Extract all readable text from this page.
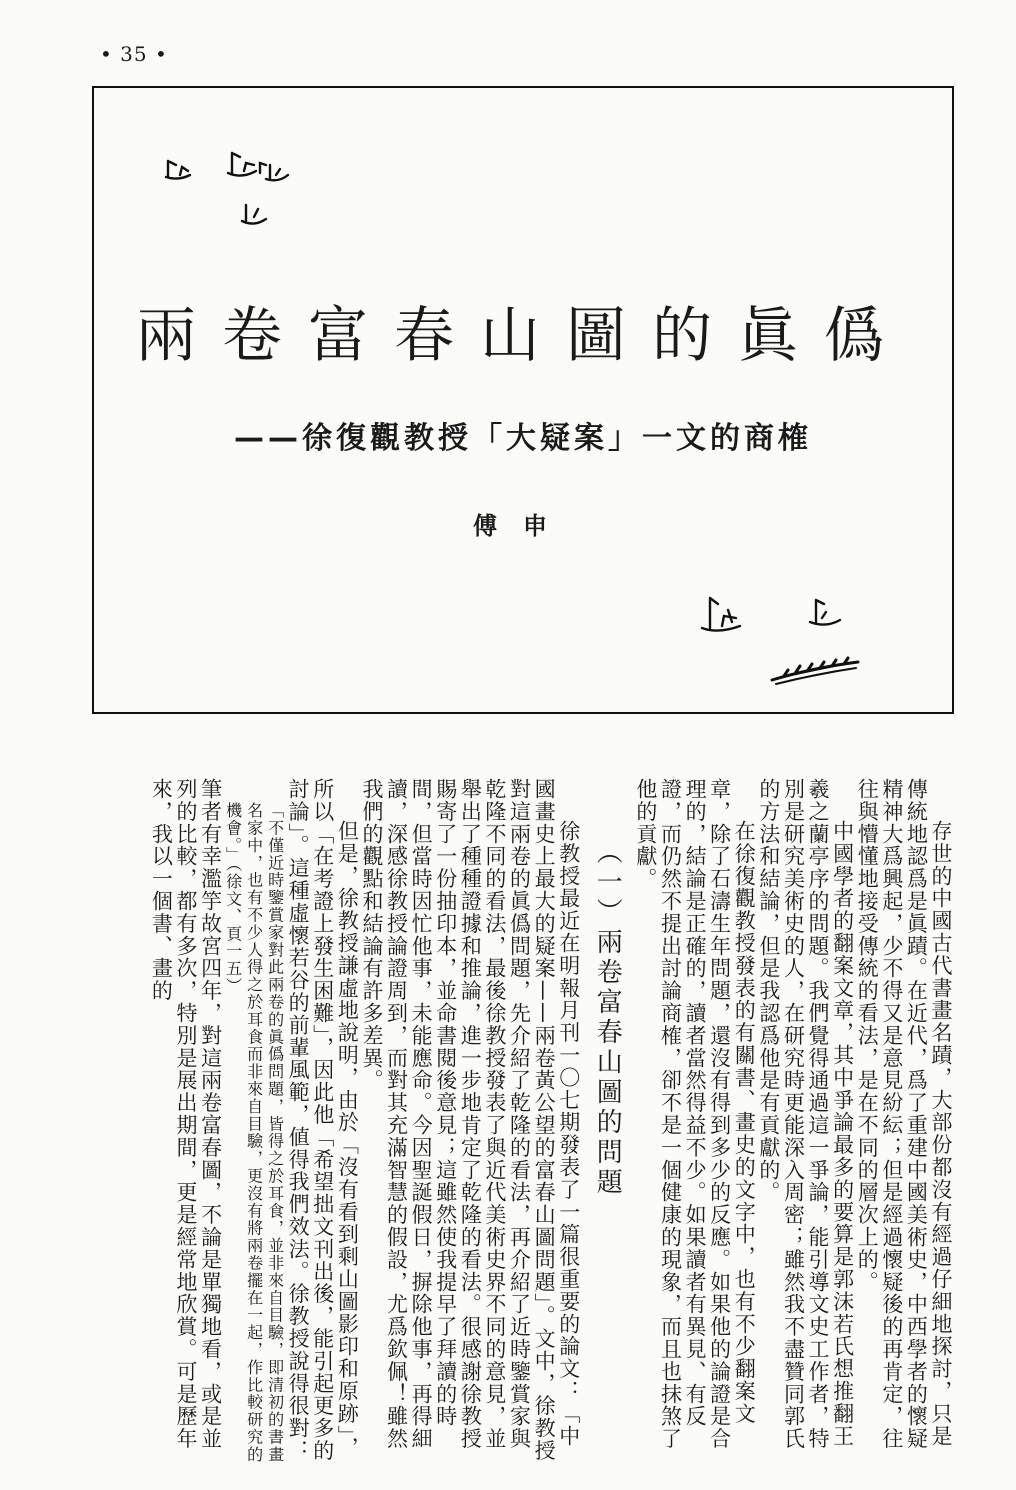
• 35 •
兩卷富春山圖的眞僞
——徐復觀教授「大疑案」一文的商榷
傅申

存世的中國古代書畫名蹟，大部份都沒有經過仔細地探討，只是傳統地認爲是眞蹟。在近代，爲了重建中國美術史，中西學者的懷疑精神大爲興起，少不得又是意見紛紜；但是經過懷疑後的再肯定，往往與懵懂地接受傳統的看法，是在不同的層次上的。

中國學者的翻案文章，其中爭論最多的要算是郭沫若氏想推翻王羲之蘭亭序的問題。我們覺得通過這一爭論，能引導文史工作者，特別是研究美術史的人，在研究時更能深入周密；雖然我不盡贊同郭氏的方法和結論，但是我認爲他是有貢獻的。

在徐復觀教授發表的有關書、畫史的文字中，也有不少翻案文章，除了石濤生年問題，還沒有得到多少的反應。如果他的論證是合理的，結論是正確的，讀者當然得益不少。如果讀者有異見、有反證，而仍然不提出討論商榷，卻不是一個健康的現象，而且也抹煞了他的貢獻。

（一）兩卷富春山圖的問題

徐教授最近在明報月刊一〇七期發表了一篇很重要的論文：「中國畫史上最大的疑案——兩卷黃公望的富春山圖問題」。文中，徐教授對這兩卷的眞僞問題，先介紹了乾隆的看法，再介紹了近時鑒賞家與乾隆不同的看法，最後徐教授發表了與近代美術史界不同的意見，並舉出了種種證據和推論，進一步地肯定了乾隆的看法。很感謝徐教授賜寄了一份抽印本，並命書閱後意見；這雖然使我提早了拜讀的時間，但當時因忙他事，未能應命。今因聖誕假日，摒除他事，再得細讀，深感徐教授論證周到，而對其充滿智慧的假設，尤爲欽佩！雖然我們的觀點和結論有許多差異。

但是，徐教授謙虛地說明，由於「沒有看到剩山圖影印和原跡」，所以「在考證上發生困難」，因此他「希望拙文刊出後，能引起更多的討論」。這種虛懷若谷的前輩風範，値得我們效法。徐教授說得很對：

「不僅近時鑒賞家對此兩卷的眞僞問題，皆得之於耳食，並非來自目驗，即清初的書畫名家中，也有不少人得之於耳食而非來自目驗，更沒有將兩卷擺在一起，作比較研究的機會。」（徐文、頁一五）

筆者有幸濫竽故宮四年，對這兩卷富春圖，不論是單獨地看，或是並列的比較，都有多次，特別是展出期間，更是經常地欣賞。可是歷年來，我以一個書、畫的
